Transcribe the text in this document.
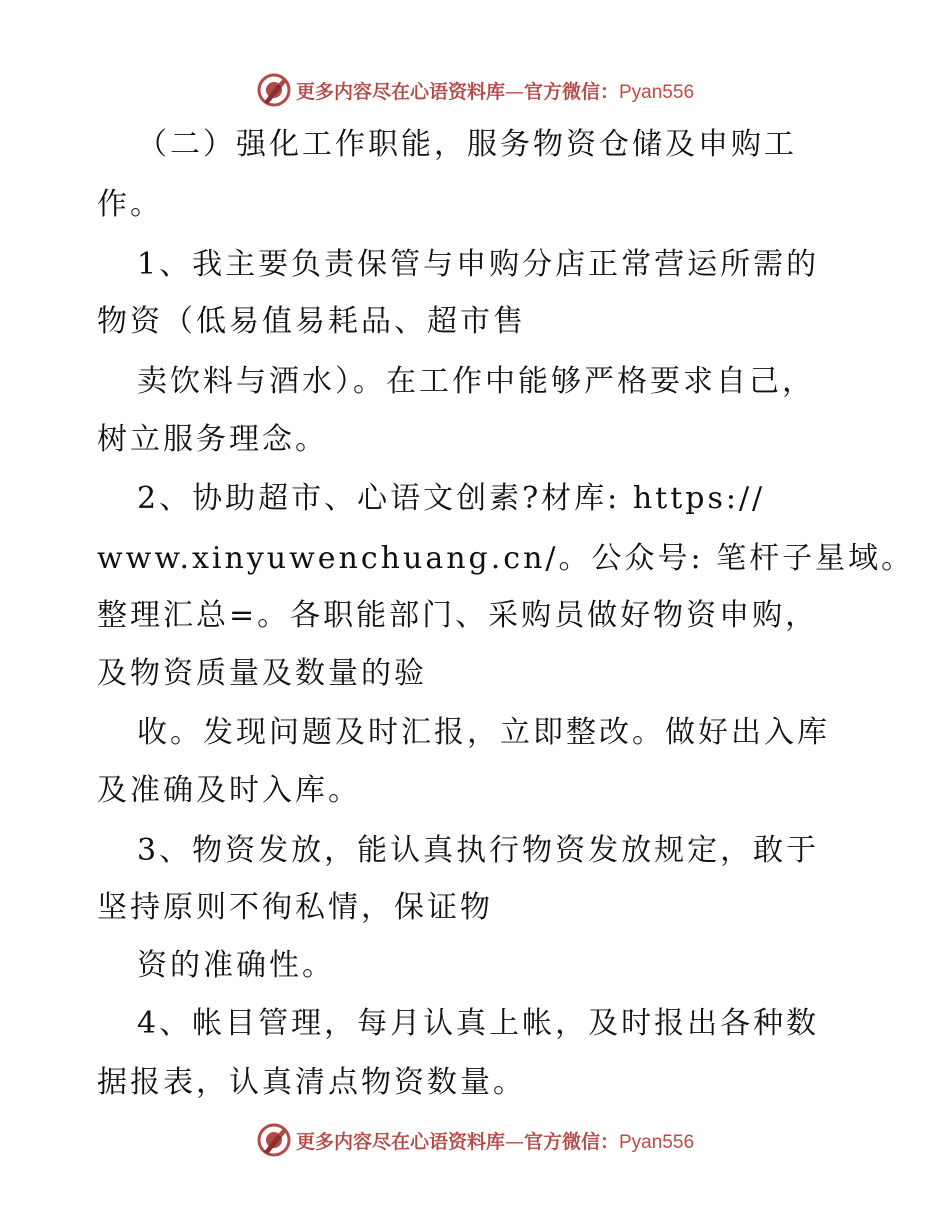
更多内容尽在心语资料库—官方微信：Pyan556
（二）强化工作职能，服务物资仓储及申购工
作。
1、我主要负责保管与申购分店正常营运所需的
物资（低易值易耗品、超市售
卖饮料与酒水）。在工作中能够严格要求自己，
树立服务理念。
2、协助超市、心语文创素?材库: https://
www.xinyuwenchuang.cn/。公众号: 笔杆子星域。
整理汇总=。各职能部门、采购员做好物资申购，
及物资质量及数量的验
收。发现问题及时汇报，立即整改。做好出入库
及准确及时入库。
3、物资发放，能认真执行物资发放规定，敢于
坚持原则不徇私情，保证物
资的准确性。
4、帐目管理，每月认真上帐，及时报出各种数
据报表，认真清点物资数量。
更多内容尽在心语资料库—官方微信：Pyan556
